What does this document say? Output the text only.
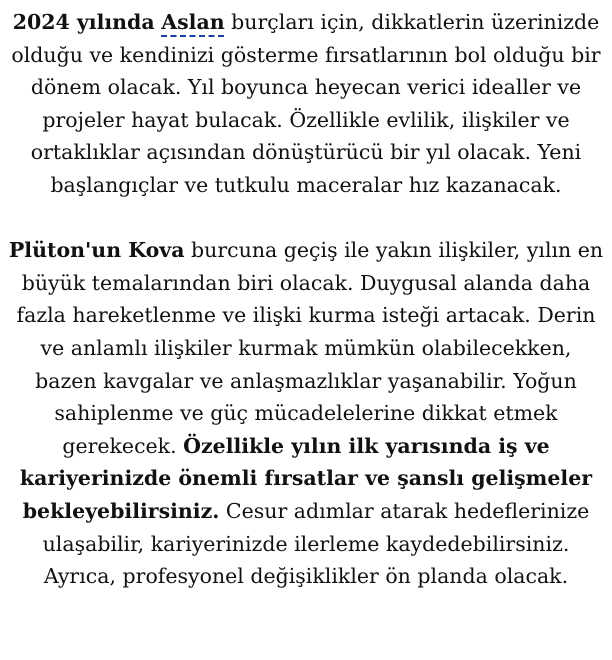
2024 yılında Aslan burçları için, dikkatlerin üzerinizde olduğu ve kendinizi gösterme fırsatlarının bol olduğu bir dönem olacak. Yıl boyunca heyecan verici idealler ve projeler hayat bulacak. Özellikle evlilik, ilişkiler ve ortaklıklar açısından dönüştürücü bir yıl olacak. Yeni başlangıçlar ve tutkulu maceralar hız kazanacak.

Plüton'un Kova burcuna geçiş ile yakın ilişkiler, yılın en büyük temalarından biri olacak. Duygusal alanda daha fazla hareketlenme ve ilişki kurma isteği artacak. Derin ve anlamlı ilişkiler kurmak mümkün olabilecekken, bazen kavgalar ve anlaşmazlıklar yaşanabilir. Yoğun sahiplenme ve güç mücadelelerine dikkat etmek gerekecek. Özellikle yılın ilk yarısında iş ve kariyerinizde önemli fırsatlar ve şanslı gelişmeler bekleyebilirsiniz. Cesur adımlar atarak hedeflerinize ulaşabilir, kariyerinizde ilerleme kaydedebilirsiniz. Ayrıca, profesyonel değişiklikler ön planda olacak.
